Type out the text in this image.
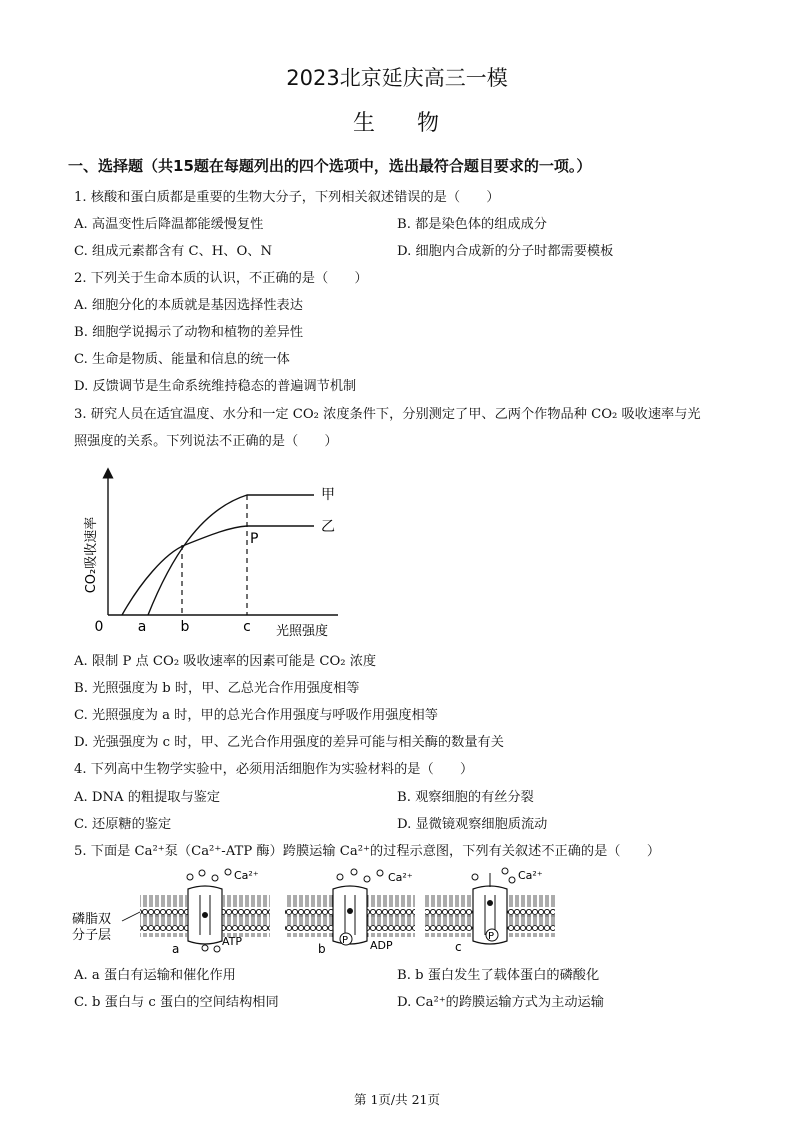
2023北京延庆高三一模
生 物
一、选择题（共15题在每题列出的四个选项中，选出最符合题目要求的一项。）
1. 核酸和蛋白质都是重要的生物大分子，下列相关叙述错误的是（　　）
A. 高温变性后降温都能缓慢复性	B. 都是染色体的组成成分
C. 组成元素都含有 C、H、O、N	D. 细胞内合成新的分子时都需要模板
2. 下列关于生命本质的认识，不正确的是（　　）
A. 细胞分化的本质就是基因选择性表达
B. 细胞学说揭示了动物和植物的差异性
C. 生命是物质、能量和信息的统一体
D. 反馈调节是生命系统维持稳态的普遍调节机制
3. 研究人员在适宜温度、水分和一定 CO₂ 浓度条件下，分别测定了甲、乙两个作物品种 CO₂ 吸收速率与光
照强度的关系。下列说法不正确的是（　　）
CO₂吸收速率
光照强度
0 a b	c
甲
乙
P
A. 限制 P 点 CO₂ 吸收速率的因素可能是 CO₂ 浓度
B. 光照强度为 b 时，甲、乙总光合作用强度相等
C. 光照强度为 a 时，甲的总光合作用强度与呼吸作用强度相等
D. 光强强度为 c 时，甲、乙光合作用强度的差异可能与相关酶的数量有关
4. 下列高中生物学实验中，必须用活细胞作为实验材料的是（　　）
A. DNA 的粗提取与鉴定	B. 观察细胞的有丝分裂
C. 还原糖的鉴定	D. 显微镜观察细胞质流动
5. 下面是 Ca²⁺泵（Ca²⁺-ATP 酶）跨膜运输 Ca²⁺的过程示意图，下列有关叙述不正确的是（　　）
磷脂双
分子层
Ca²⁺
a
ATP	P
Ca²⁺
b	ADP
P
Ca²⁺
c
A. a 蛋白有运输和催化作用	B. b 蛋白发生了载体蛋白的磷酸化
C. b 蛋白与 c 蛋白的空间结构相同	D. Ca²⁺的跨膜运输方式为主动运输
第 1页/共 21页
